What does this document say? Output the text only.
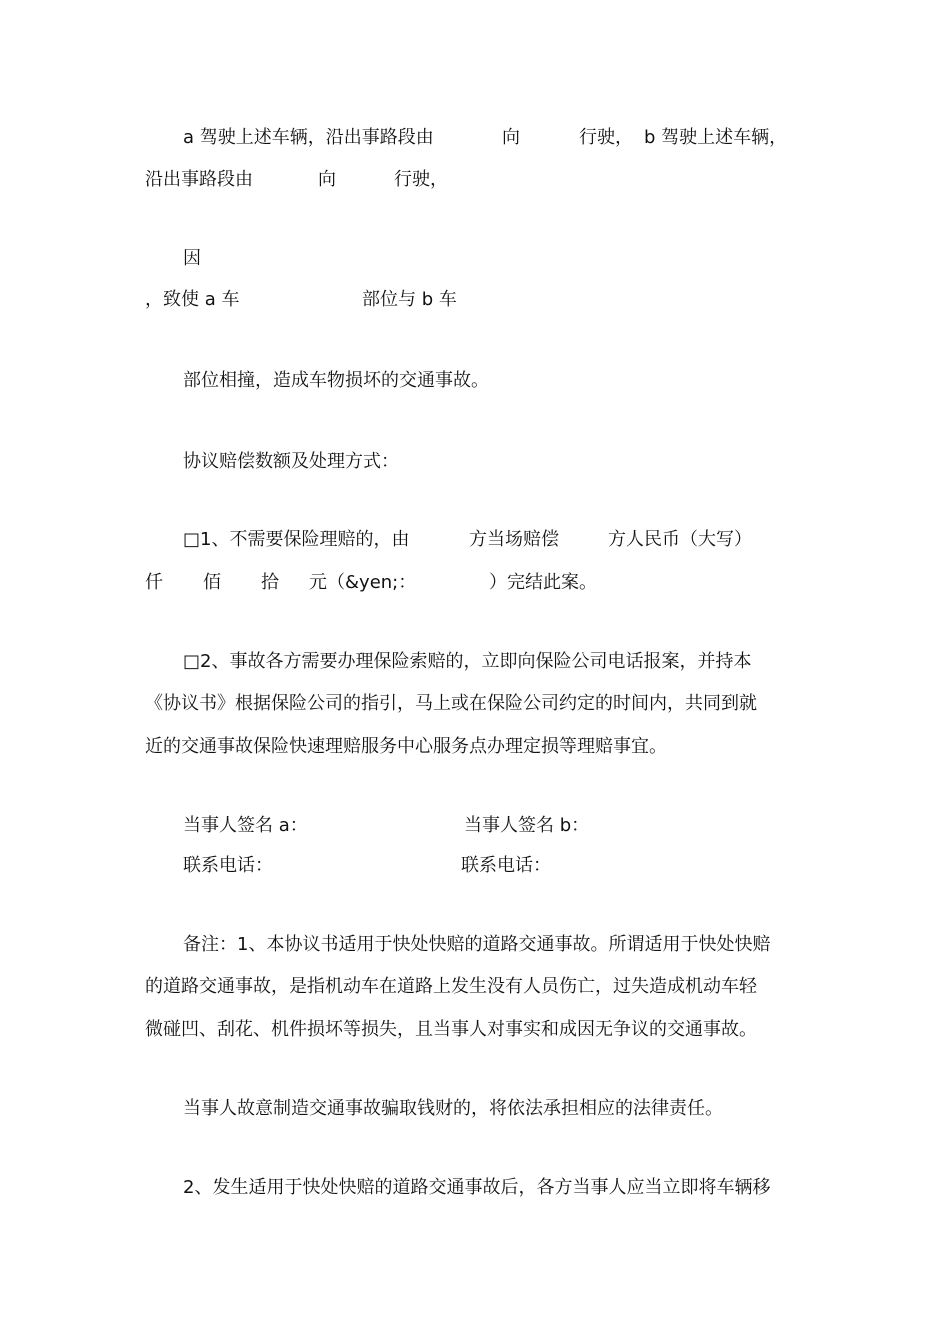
a 驾驶上述车辆，沿出事路段由	向	行驶， b 驾驶上述车辆，
沿出事路段由	向	行驶，
因
，致使 a 车	部位与 b 车
部位相撞，造成车物损坏的交通事故。
协议赔偿数额及处理方式：
□1、不需要保险理赔的，由	方当场赔偿	方人民币（大写）
仟 佰 拾 元（&yen;：	）完结此案。
□2、事故各方需要办理保险索赔的，立即向保险公司电话报案，并持本
《协议书》根据保险公司的指引，马上或在保险公司约定的时间内，共同到就
近的交通事故保险快速理赔服务中心服务点办理定损等理赔事宜。
当事人签名 a：	当事人签名 b：
联系电话：	联系电话：
备注：1、本协议书适用于快处快赔的道路交通事故。所谓适用于快处快赔
的道路交通事故，是指机动车在道路上发生没有人员伤亡，过失造成机动车轻
微碰凹、刮花、机件损坏等损失，且当事人对事实和成因无争议的交通事故。
当事人故意制造交通事故骗取钱财的，将依法承担相应的法律责任。
2、发生适用于快处快赔的道路交通事故后，各方当事人应当立即将车辆移
